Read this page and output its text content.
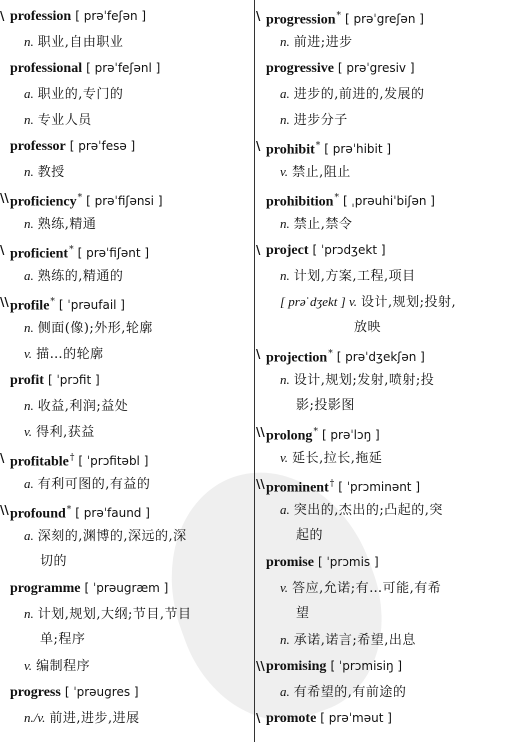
\ profession [ prəˈfeʃən ]
n. 职业,自由职业
professional [ prəˈfeʃənl ]
a. 职业的,专门的
n. 专业人员
professor [ prəˈfesə ]
n. 教授
\\ proficiency* [ prəˈfiʃənsi ]
n. 熟练,精通
\ proficient* [ prəˈfiʃənt ]
a. 熟练的,精通的
\\ profile* [ ˈprəufail ]
n. 侧面(像);外形,轮廓
v. 描…的轮廓
profit [ ˈprɔfit ]
n. 收益,利润;益处
v. 得利,获益
\ profitable† [ ˈprɔfitəbl ]
a. 有利可图的,有益的
\\ profound* [ prəˈfaund ]
a. 深刻的,渊博的,深远的,深
切的
programme [ ˈprəugræm ]
n. 计划,规划,大纲;节目,节目
单;程序
v. 编制程序
progress [ ˈprəugres ]
n./v. 前进,进步,进展
\ progression* [ prəˈgreʃən ]
n. 前进;进步
progressive [ prəˈgresiv ]
a. 进步的,前进的,发展的
n. 进步分子
\ prohibit* [ prəˈhibit ]
v. 禁止,阻止
prohibition* [ ˌprəuhiˈbiʃən ]
n. 禁止,禁令
\ project [ ˈprɔdʒekt ]
n. 计划,方案,工程,项目
[ prəˈdʒekt ] v. 设计,规划;投射,
放映
\ projection* [ prəˈdʒekʃən ]
n. 设计,规划;发射,喷射;投
影;投影图
\\ prolong* [ prəˈlɔŋ ]
v. 延长,拉长,拖延
\\ prominent† [ ˈprɔminənt ]
a. 突出的,杰出的;凸起的,突
起的
promise [ ˈprɔmis ]
v. 答应,允诺;有…可能,有希
望
n. 承诺,诺言;希望,出息
\\ promising [ ˈprɔmisiŋ ]
a. 有希望的,有前途的
\ promote [ prəˈməut ]
